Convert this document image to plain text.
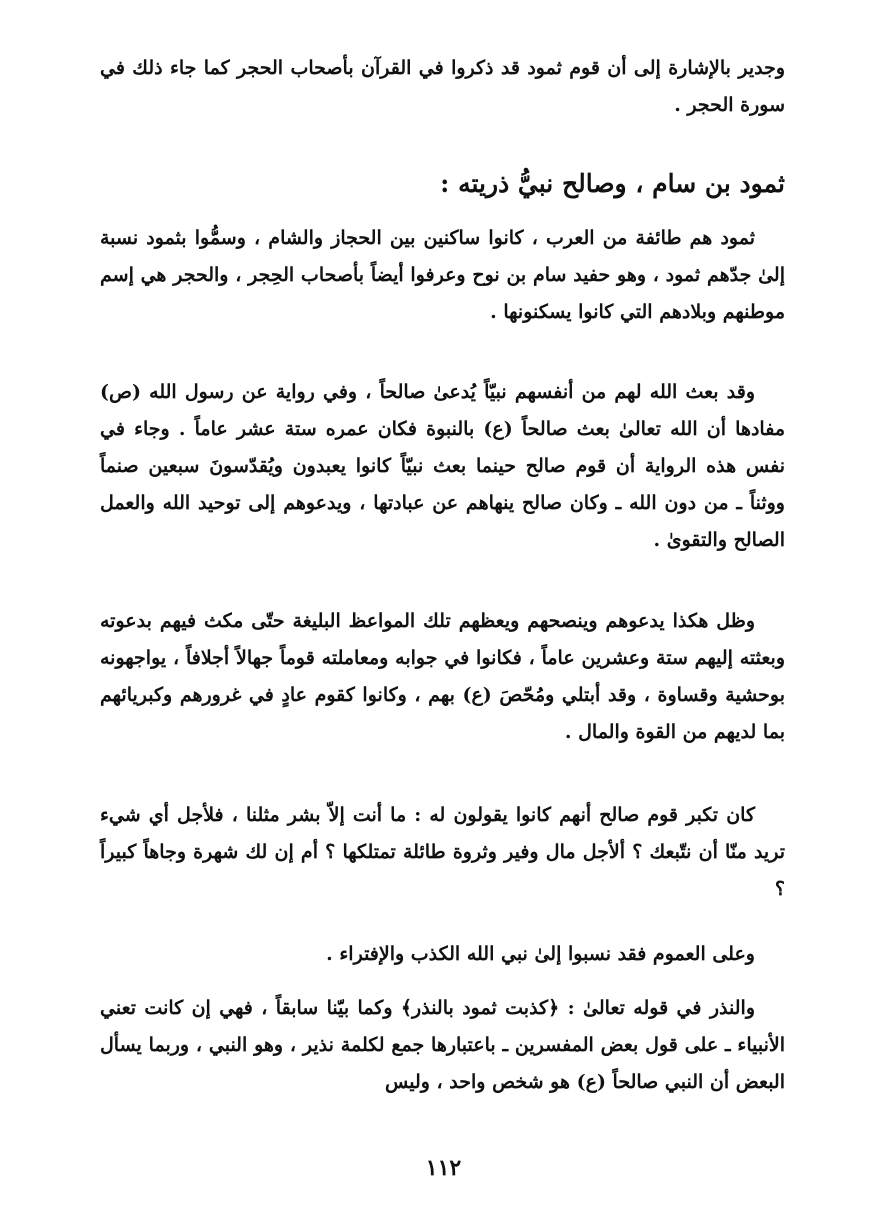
وجدير بالإشارة إلى أن قوم ثمود قد ذكروا في القرآن بأصحاب الحجر كما جاء ذلك في سورة الحجر .
ثمود بن سام ، وصالح نبيُّ ذريته :
ثمود هم طائفة من العرب ، كانوا ساكنين بين الحجاز والشام ، وسمُّوا بثمود نسبة إلىٰ جدّهم ثمود ، وهو حفيد سام بن نوح وعرفوا أيضاً بأصحاب الحِجر ، والحجر هي إسم موطنهم وبلادهم التي كانوا يسكنونها .
وقد بعث الله لهم من أنفسهم نبيّاً يُدعىٰ صالحاً ، وفي رواية عن رسول الله (ص) مفادها أن الله تعالىٰ بعث صالحاً (ع) بالنبوة فكان عمره ستة عشر عاماً . وجاء في نفس هذه الرواية أن قوم صالح حينما بعث نبيّاً كانوا يعبدون ويُقدّسونَ سبعين صنماً ووثناً ـ من دون الله ـ وكان صالح ينهاهم عن عبادتها ، ويدعوهم إلى توحيد الله والعمل الصالح والتقوىٰ .
وظل هكذا يدعوهم وينصحهم ويعظهم تلك المواعظ البليغة حتّى مكث فيهم بدعوته وبعثته إليهم ستة وعشرين عاماً ، فكانوا في جوابه ومعاملته قوماً جهالاً أجلافاً ، يواجهونه بوحشية وقساوة ، وقد أبتلي ومُحّصَ (ع) بهم ، وكانوا كقوم عادٍ في غرورهم وكبريائهم بما لديهم من القوة والمال .
كان تكبر قوم صالح أنهم كانوا يقولون له : ما أنت إلاّ بشر مثلنا ، فلأجل أي شيء تريد منّا أن نتّبعك ؟ ألأجل مال وفير وثروة طائلة تمتلكها ؟ أم إن لك شهرة وجاهاً كبيراً ؟
وعلى العموم فقد نسبوا إلىٰ نبي الله الكذب والإفتراء .
والنذر في قوله تعالىٰ : ﴿كذبت ثمود بالنذر﴾ وكما بيّنا سابقاً ، فهي إن كانت تعني الأنبياء ـ على قول بعض المفسرين ـ باعتبارها جمع لكلمة نذير ، وهو النبي ، وربما يسأل البعض أن النبي صالحاً (ع) هو شخص واحد ، وليس
١١٢
